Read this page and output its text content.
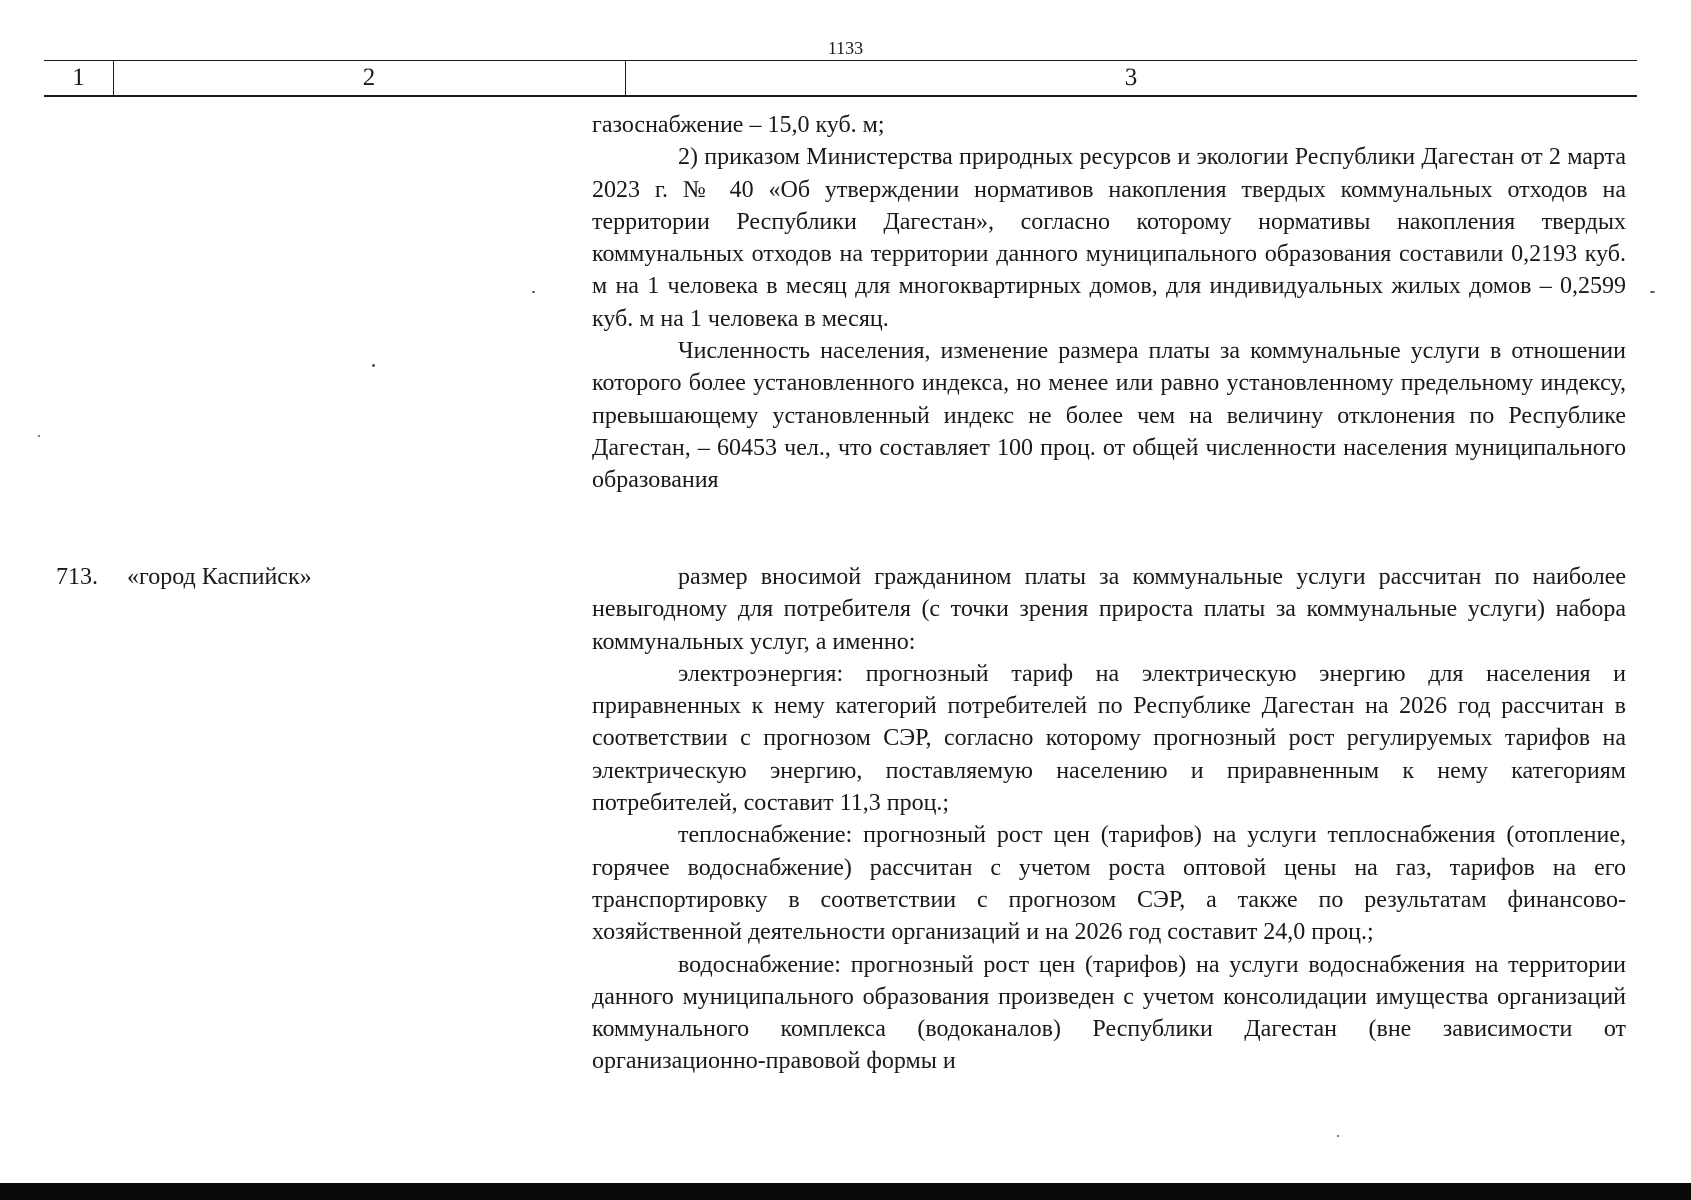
1133
1	2	3

газоснабжение – 15,0 куб. м;

2) приказом Министерства природных ресурсов и экологии Республики Дагестан от 2 марта 2023 г. № 40 «Об утверждении нормативов накопления твердых коммунальных отходов на территории Республики Дагестан», согласно которому нормативы накопления твердых коммунальных отходов на территории данного муниципального образования составили 0,2193 куб. м на 1 человека в месяц для многоквартирных домов, для индивидуальных жилых домов – 0,2599 куб. м на 1 человека в месяц.

Численность населения, изменение размера платы за коммунальные услуги в отношении которого более установленного индекса, но менее или равно установленному предельному индексу, превышающему установленный индекс не более чем на величину отклонения по Республике Дагестан, – 60453 чел., что составляет 100 проц. от общей численности населения муниципального образования

713. «город Каспийск»	размер вносимой гражданином платы за коммунальные услуги рассчитан по наиболее невыгодному для потребителя (с точки зрения прироста платы за коммунальные услуги) набора коммунальных услуг, а именно:

электроэнергия: прогнозный тариф на электрическую энергию для населения и приравненных к нему категорий потребителей по Республике Дагестан на 2026 год рассчитан в соответствии с прогнозом СЭР, согласно которому прогнозный рост регулируемых тарифов на электрическую энергию, поставляемую населению и приравненным к нему категориям потребителей, составит 11,3 проц.;

теплоснабжение: прогнозный рост цен (тарифов) на услуги теплоснабжения (отопление, горячее водоснабжение) рассчитан с учетом роста оптовой цены на газ, тарифов на его транспортировку в соответствии с прогнозом СЭР, а также по результатам финансово-хозяйственной деятельности организаций и на 2026 год составит 24,0 проц.;

водоснабжение: прогнозный рост цен (тарифов) на услуги водоснабжения на территории данного муниципального образования произведен с учетом консолидации имущества организаций коммунального комплекса (водоканалов) Республики Дагестан (вне зависимости от организационно-правовой формы и
